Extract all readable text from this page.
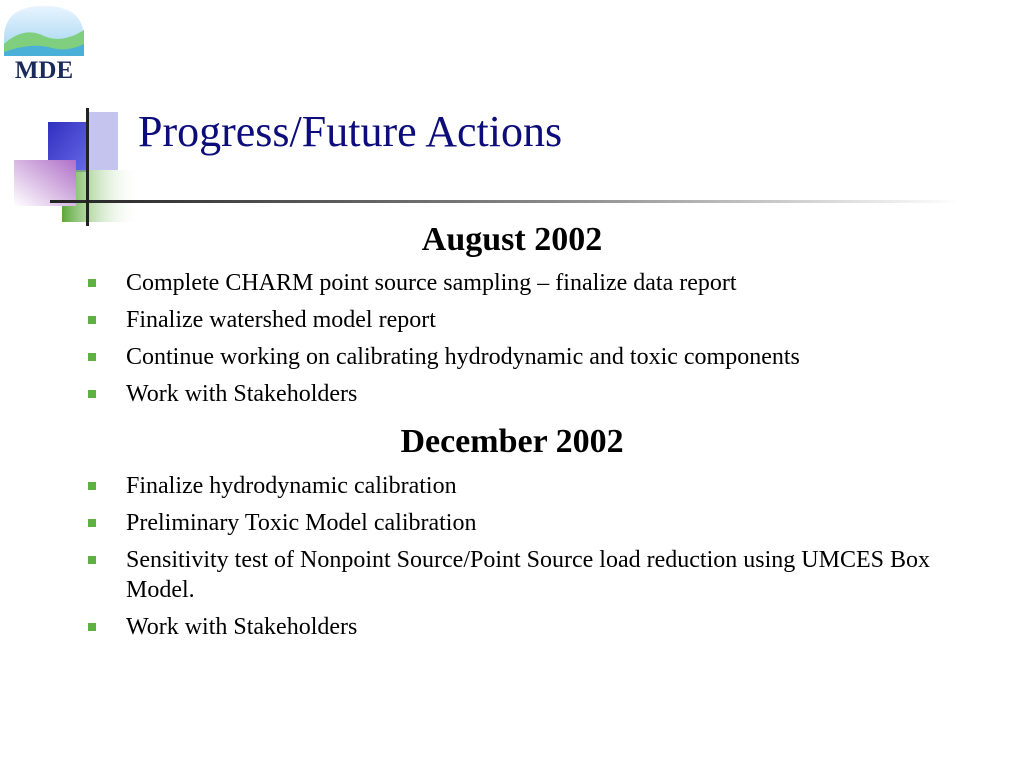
MDE
Progress/Future Actions
August 2002
Complete CHARM point source sampling – finalize data report
Finalize watershed model report
Continue working on calibrating hydrodynamic and toxic components
Work with Stakeholders
December 2002
Finalize hydrodynamic calibration
Preliminary Toxic Model calibration
Sensitivity test of Nonpoint Source/Point Source load reduction using UMCES Box Model.
Work with Stakeholders
